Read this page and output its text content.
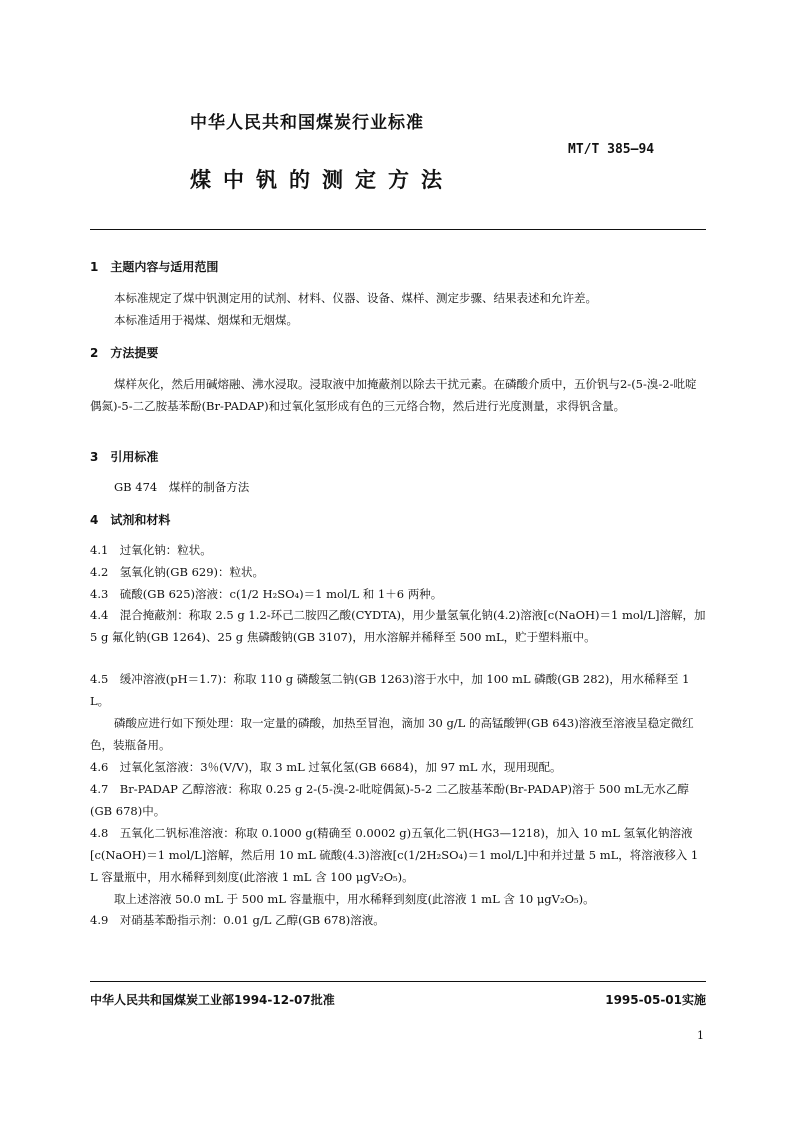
中华人民共和国煤炭行业标准
MT/T 385—94
煤中钒的测定方法
1　主题内容与适用范围
本标准规定了煤中钒测定用的试剂、材料、仪器、设备、煤样、测定步骤、结果表述和允许差。
本标准适用于褐煤、烟煤和无烟煤。
2　方法提要
煤样灰化，然后用碱熔融、沸水浸取。浸取液中加掩蔽剂以除去干扰元素。在磷酸介质中，五价钒与2-(5-溴-2-吡啶偶氮)-5-二乙胺基苯酚(Br-PADAP)和过氧化氢形成有色的三元络合物，然后进行光度测量，求得钒含量。
3　引用标准
GB 474　煤样的制备方法
4　试剂和材料
4.1　过氧化钠：粒状。
4.2　氢氧化钠(GB 629)：粒状。
4.3　硫酸(GB 625)溶液：c(1/2 H₂SO₄)＝1 mol/L 和 1＋6 两种。
4.4　混合掩蔽剂：称取 2.5 g 1.2-环己二胺四乙酸(CYDTA)，用少量氢氧化钠(4.2)溶液[c(NaOH)＝1 mol/L]溶解，加 5 g 氟化钠(GB 1264)、25 g 焦磷酸钠(GB 3107)，用水溶解并稀释至 500 mL，贮于塑料瓶中。
4.5　缓冲溶液(pH＝1.7)：称取 110 g 磷酸氢二钠(GB 1263)溶于水中，加 100 mL 磷酸(GB 282)，用水稀释至 1 L。
磷酸应进行如下预处理：取一定量的磷酸，加热至冒泡，滴加 30 g/L 的高锰酸钾(GB 643)溶液至溶液呈稳定微红色，装瓶备用。
4.6　过氧化氢溶液：3％(V/V)，取 3 mL 过氧化氢(GB 6684)，加 97 mL 水，现用现配。
4.7　Br-PADAP 乙醇溶液：称取 0.25 g 2-(5-溴-2-吡啶偶氮)-5-2 二乙胺基苯酚(Br-PADAP)溶于 500 mL无水乙醇(GB 678)中。
4.8　五氧化二钒标准溶液：称取 0.1000 g(精确至 0.0002 g)五氧化二钒(HG3—1218)，加入 10 mL 氢氧化钠溶液[c(NaOH)＝1 mol/L]溶解，然后用 10 mL 硫酸(4.3)溶液[c(1/2H₂SO₄)＝1 mol/L]中和并过量 5 mL，将溶液移入 1 L 容量瓶中，用水稀释到刻度(此溶液 1 mL 含 100 μgV₂O₅)。
取上述溶液 50.0 mL 于 500 mL 容量瓶中，用水稀释到刻度(此溶液 1 mL 含 10 μgV₂O₅)。
4.9　对硝基苯酚指示剂：0.01 g/L 乙醇(GB 678)溶液。
中华人民共和国煤炭工业部1994-12-07批准	1995-05-01实施
1
